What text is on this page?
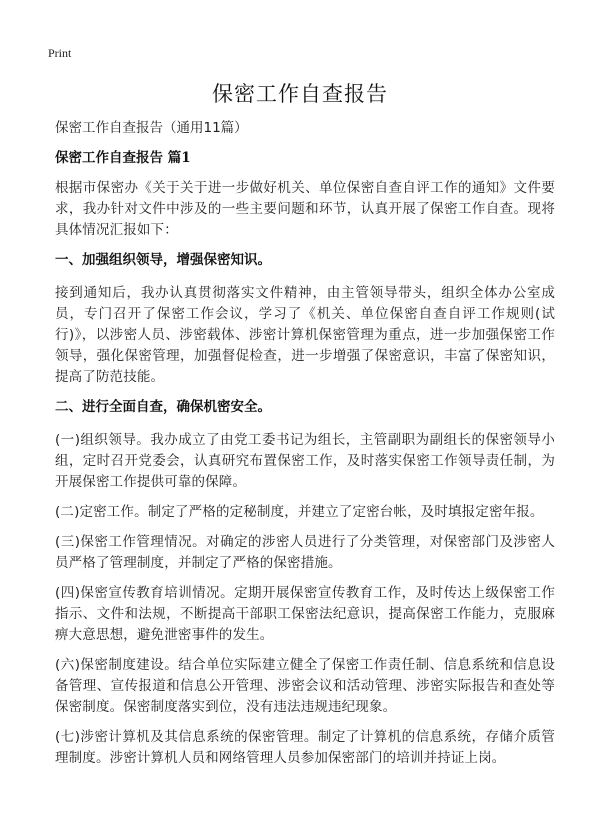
Print
保密工作自查报告

保密工作自查报告（通用11篇）

保密工作自查报告 篇1

根据市保密办《关于关于进一步做好机关、单位保密自查自评工作的通知》文件要求，我办针对文件中涉及的一些主要问题和环节，认真开展了保密工作自查。现将具体情况汇报如下：

一、加强组织领导，增强保密知识。

接到通知后，我办认真贯彻落实文件精神，由主管领导带头，组织全体办公室成员，专门召开了保密工作会议，学习了《机关、单位保密自查自评工作规则(试行)》，以涉密人员、涉密载体、涉密计算机保密管理为重点，进一步加强保密工作领导，强化保密管理，加强督促检查，进一步增强了保密意识，丰富了保密知识，提高了防范技能。

二、进行全面自查，确保机密安全。

(一)组织领导。我办成立了由党工委书记为组长，主管副职为副组长的保密领导小组，定时召开党委会，认真研究布置保密工作，及时落实保密工作领导责任制，为开展保密工作提供可靠的保障。

(二)定密工作。制定了严格的定秘制度，并建立了定密台帐，及时填报定密年报。

(三)保密工作管理情况。对确定的涉密人员进行了分类管理，对保密部门及涉密人员严格了管理制度，并制定了严格的保密措施。

(四)保密宣传教育培训情况。定期开展保密宣传教育工作，及时传达上级保密工作指示、文件和法规，不断提高干部职工保密法纪意识，提高保密工作能力，克服麻痹大意思想，避免泄密事件的发生。

(六)保密制度建设。结合单位实际建立健全了保密工作责任制、信息系统和信息设备管理、宣传报道和信息公开管理、涉密会议和活动管理、涉密实际报告和查处等保密制度。保密制度落实到位，没有违法违规违纪现象。

(七)涉密计算机及其信息系统的保密管理。制定了计算机的信息系统，存储介质管理制度。涉密计算机人员和网络管理人员参加保密部门的培训并持证上岗。
